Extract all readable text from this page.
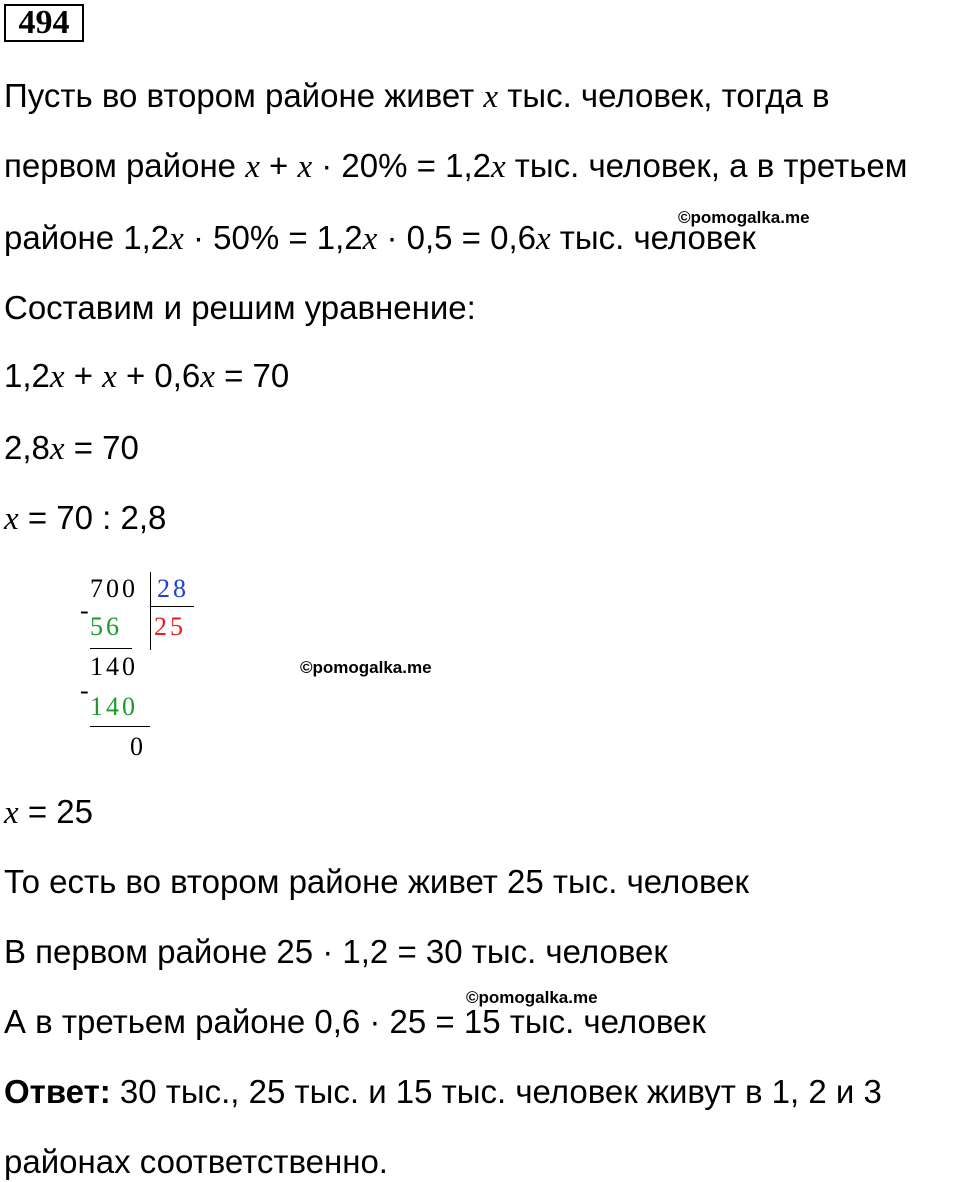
494
Пусть во втором районе живет x тыс. человек, тогда в
первом районе x + x · 20% = 1,2x тыс. человек, а в третьем
районе 1,2x · 50% = 1,2x · 0,5 = 0,6x тыс. человек
©pomogalka.me
Составим и решим уравнение:
1,2x + x + 0,6x = 70
2,8x = 70
x = 70 : 2,8
700 28
-
56 25
140
-
140
0
©pomogalka.me
x = 25
То есть во втором районе живет 25 тыс. человек
В первом районе 25 · 1,2 = 30 тыс. человек
©pomogalka.me
А в третьем районе 0,6 · 25 = 15 тыс. человек
Ответ: 30 тыс., 25 тыс. и 15 тыс. человек живут в 1, 2 и 3
районах соответственно.
